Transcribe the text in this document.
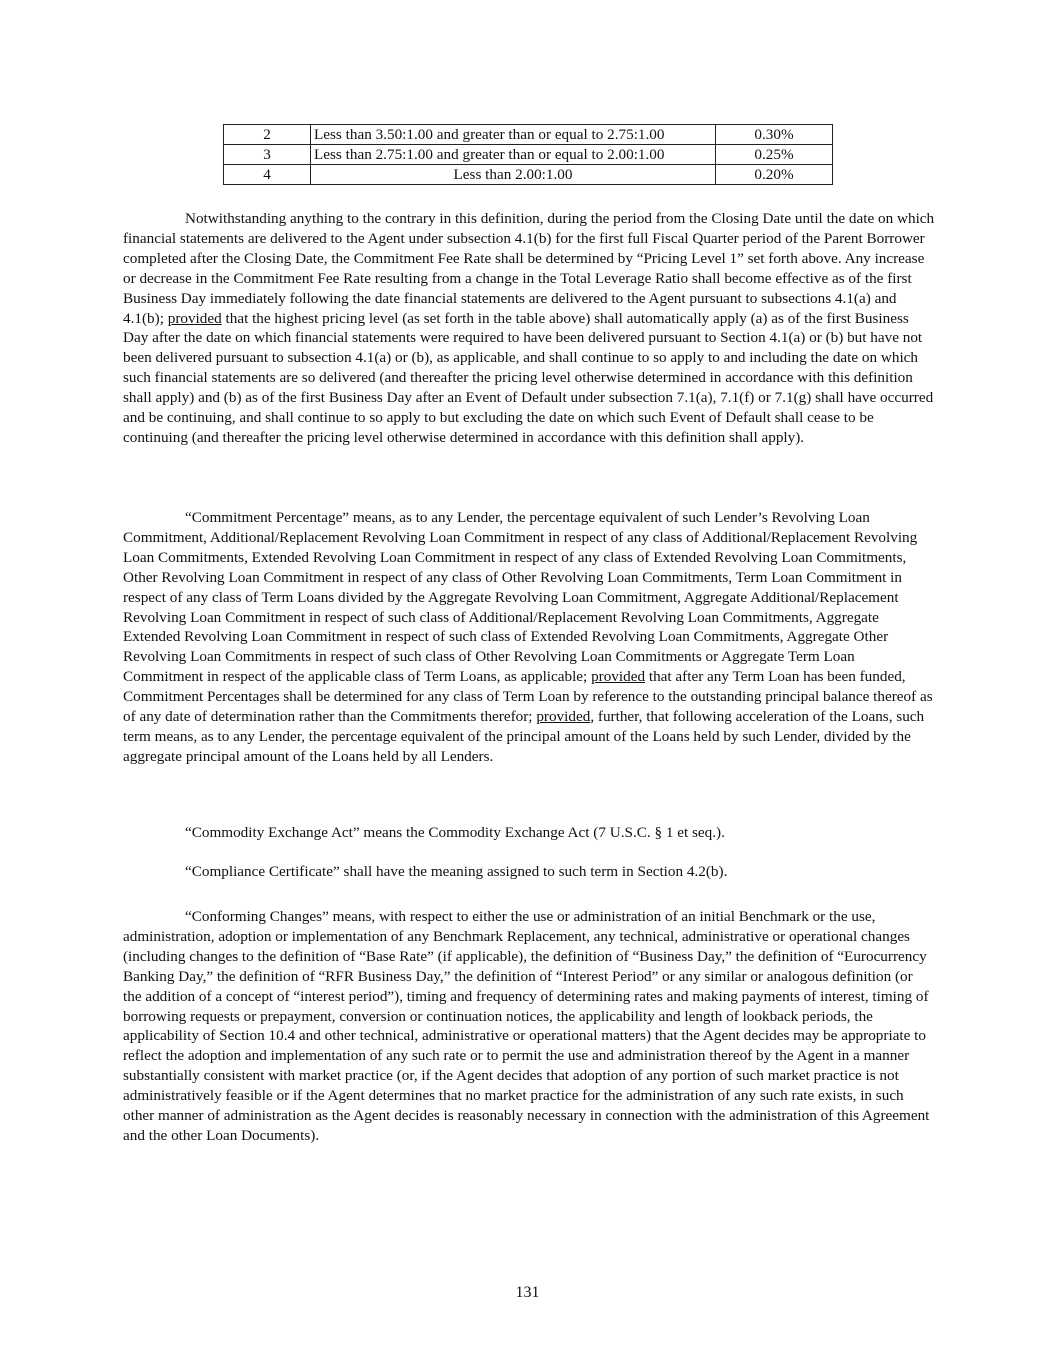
2	Less than 3.50:1.00 and greater than or equal to 2.75:1.00	0.30%
3	Less than 2.75:1.00 and greater than or equal to 2.00:1.00	0.25%
4	Less than 2.00:1.00	0.20%

Notwithstanding anything to the contrary in this definition, during the period from the Closing Date until the date on which financial statements are delivered to the Agent under subsection 4.1(b) for the first full Fiscal Quarter period of the Parent Borrower completed after the Closing Date, the Commitment Fee Rate shall be determined by “Pricing Level 1” set forth above. Any increase or decrease in the Commitment Fee Rate resulting from a change in the Total Leverage Ratio shall become effective as of the first Business Day immediately following the date financial statements are delivered to the Agent pursuant to subsections 4.1(a) and 4.1(b); provided that the highest pricing level (as set forth in the table above) shall automatically apply (a) as of the first Business Day after the date on which financial statements were required to have been delivered pursuant to Section 4.1(a) or (b) but have not been delivered pursuant to subsection 4.1(a) or (b), as applicable, and shall continue to so apply to and including the date on which such financial statements are so delivered (and thereafter the pricing level otherwise determined in accordance with this definition shall apply) and (b) as of the first Business Day after an Event of Default under subsection 7.1(a), 7.1(f) or 7.1(g) shall have occurred and be continuing, and shall continue to so apply to but excluding the date on which such Event of Default shall cease to be continuing (and thereafter the pricing level otherwise determined in accordance with this definition shall apply).

“Commitment Percentage” means, as to any Lender, the percentage equivalent of such Lender’s Revolving Loan Commitment, Additional/Replacement Revolving Loan Commitment in respect of any class of Additional/Replacement Revolving Loan Commitments, Extended Revolving Loan Commitment in respect of any class of Extended Revolving Loan Commitments, Other Revolving Loan Commitment in respect of any class of Other Revolving Loan Commitments, Term Loan Commitment in respect of any class of Term Loans divided by the Aggregate Revolving Loan Commitment, Aggregate Additional/Replacement Revolving Loan Commitment in respect of such class of Additional/Replacement Revolving Loan Commitments, Aggregate Extended Revolving Loan Commitment in respect of such class of Extended Revolving Loan Commitments, Aggregate Other Revolving Loan Commitments in respect of such class of Other Revolving Loan Commitments or Aggregate Term Loan Commitment in respect of the applicable class of Term Loans, as applicable; provided that after any Term Loan has been funded, Commitment Percentages shall be determined for any class of Term Loan by reference to the outstanding principal balance thereof as of any date of determination rather than the Commitments therefor; provided, further, that following acceleration of the Loans, such term means, as to any Lender, the percentage equivalent of the principal amount of the Loans held by such Lender, divided by the aggregate principal amount of the Loans held by all Lenders.

“Commodity Exchange Act” means the Commodity Exchange Act (7 U.S.C. § 1 et seq.).

“Compliance Certificate” shall have the meaning assigned to such term in Section 4.2(b).

“Conforming Changes” means, with respect to either the use or administration of an initial Benchmark or the use, administration, adoption or implementation of any Benchmark Replacement, any technical, administrative or operational changes (including changes to the definition of “Base Rate” (if applicable), the definition of “Business Day,” the definition of “Eurocurrency Banking Day,” the definition of “RFR Business Day,” the definition of “Interest Period” or any similar or analogous definition (or the addition of a concept of “interest period”), timing and frequency of determining rates and making payments of interest, timing of borrowing requests or prepayment, conversion or continuation notices, the applicability and length of lookback periods, the applicability of Section 10.4 and other technical, administrative or operational matters) that the Agent decides may be appropriate to reflect the adoption and implementation of any such rate or to permit the use and administration thereof by the Agent in a manner substantially consistent with market practice (or, if the Agent decides that adoption of any portion of such market practice is not administratively feasible or if the Agent determines that no market practice for the administration of any such rate exists, in such other manner of administration as the Agent decides is reasonably necessary in connection with the administration of this Agreement and the other Loan Documents).

131
